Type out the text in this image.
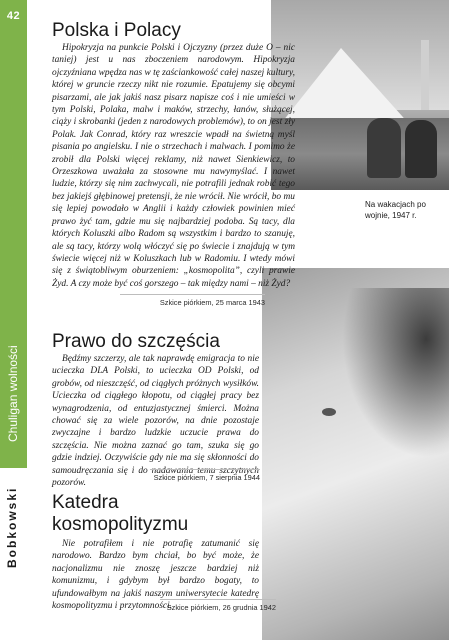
42
Chuligan wolności
Bobkowski
Na wakacjach po wojnie, 1947 r.
Polska i Polacy

Hipokryzja na punkcie Polski i Ojczyzny (przez duże O – nic taniej) jest u nas zboczeniem narodowym. Hipokryzja ojczyźniana wpędza nas w tę zaściankowość całej naszej kultury, której w gruncie rzeczy nikt nie rozumie. Epatujemy się obcymi pisarzami, ale jak jakiś nasz pisarz napisze coś i nie umieści w tym Polski, Polaka, malw i maków, strzechy, łanów, służącej, ciąży i skrobanki (jeden z narodowych problemów), to on jest zły Polak. Jak Conrad, który raz wreszcie wpadł na świetną myśl pisania po angielsku. I nie o strzechach i malwach. I pomimo że zrobił dla Polski więcej reklamy, niż nawet Sienkiewicz, to Orzeszkowa uważała za stosowne mu nawymyślać. I nawet ludzie, którzy się nim zachwycali, nie potrafili jednak robić tego bez jakiejś głębinowej pretensji, że nie wrócił. Nie wrócił, bo mu się lepiej powodało w Anglii i każdy człowiek powinien mieć prawo żyć tam, gdzie mu się najbardziej podoba. Są tacy, dla których Koluszki albo Radom są wszystkim i bardzo to szanuję, ale są tacy, którzy wolą włóczyć się po świecie i znajdują w tym świecie więcej niż w Koluszkach lub w Radomiu. I wtedy mówi się z świątobliwym oburzeniem: „kosmopolita”, czyli prawie Żyd. A czy może być coś gorszego – tak między nami – niż Żyd?

Szkice piórkiem, 25 marca 1943
Prawo do szczęścia

Będźmy szczerzy, ale tak naprawdę emigracja to nie ucieczka DLA Polski, to ucieczka OD Polski, od grobów, od nieszczęść, od ciągłych próżnych wysiłków. Ucieczka od ciągłego kłopotu, od ciągłej pracy bez wynagrodzenia, od entuzjastycznej śmierci. Można chować się za wiele pozorów, na dnie pozostaje zwyczajne i bardzo ludzkie uczucie prawa do szczęścia. Nie można zaznać go tam, szuka się go gdzie indziej. Oczywiście gdy nie ma się skłonności do samoudręczania się i do nadawania temu szczytnych pozorów.

Szkice piórkiem, 7 sierpnia 1944
Katedra kosmopolityzmu

Nie potrafiłem i nie potrafię zatumanić się narodowo. Bardzo bym chciał, bo być może, że nacjonalizmu nie znoszę jeszcze bardziej niż komunizmu, i gdybym był bardzo bogaty, to ufundowałbym na jakiś naszym uniwersytecie katedrę kosmopolityzmu i przytomności.

Szkice piórkiem, 26 grudnia 1942
